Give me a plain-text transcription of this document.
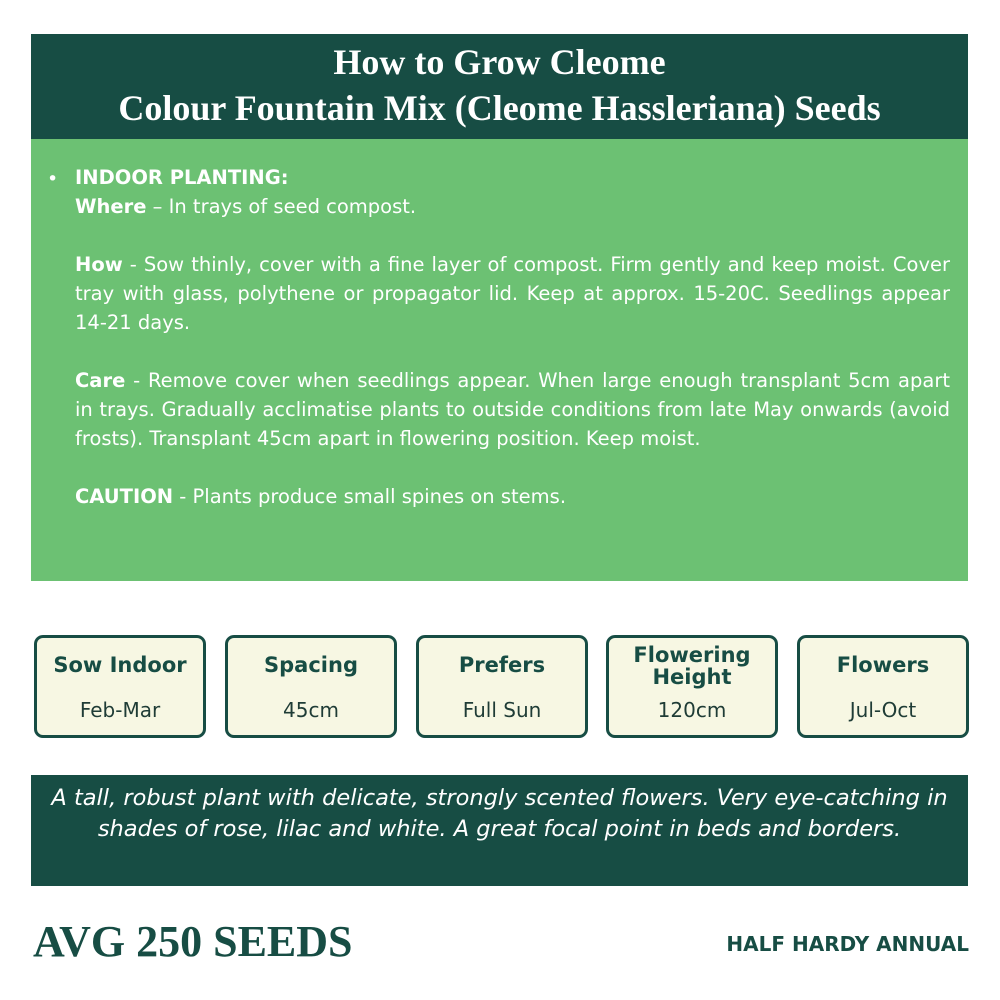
How to Grow Cleome
Colour Fountain Mix (Cleome Hassleriana) Seeds
• INDOOR PLANTING:
Where – In trays of seed compost.
How - Sow thinly, cover with a fine layer of compost. Firm gently and keep moist. Cover tray with glass, polythene or propagator lid. Keep at approx. 15-20C. Seedlings appear 14-21 days.
Care - Remove cover when seedlings appear. When large enough transplant 5cm apart in trays. Gradually acclimatise plants to outside conditions from late May onwards (avoid frosts). Transplant 45cm apart in flowering position. Keep moist.
CAUTION - Plants produce small spines on stems.
Sow Indoor
Feb-Mar
Spacing
45cm
Prefers
Full Sun
Flowering
Height
120cm
Flowers
Jul-Oct
A tall, robust plant with delicate, strongly scented flowers. Very eye-catching in shades of rose, lilac and white. A great focal point in beds and borders.
AVG 250 SEEDS	HALF HARDY ANNUAL
